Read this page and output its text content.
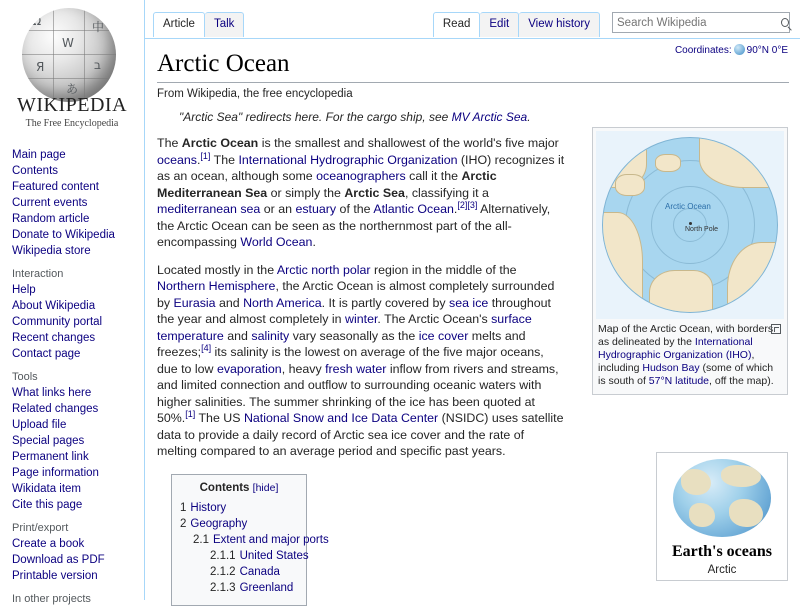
Ω
W
中
Я
あ
ב
WIKIPEDIA
The Free Encyclopedia
Main page
Contents
Featured content
Current events
Random article
Donate to Wikipedia
Wikipedia store
Interaction
Help
About Wikipedia
Community portal
Recent changes
Contact page
Tools
What links here
Related changes
Upload file
Special pages
Permanent link
Page information
Wikidata item
Cite this page
Print/export
Create a book
Download as PDF
Printable version
In other projects
Article	Talk	Read	Edit	View history
Search Wikipedia
Arctic Ocean
From Wikipedia, the free encyclopedia

"Arctic Sea" redirects here. For the cargo ship, see MV Arctic Sea.

The Arctic Ocean is the smallest and shallowest of the world's five major oceans.[1] The International Hydrographic Organization (IHO) recognizes it as an ocean, although some oceanographers call it the Arctic Mediterranean Sea or simply the Arctic Sea, classifying it a mediterranean sea or an estuary of the Atlantic Ocean.[2][3] Alternatively, the Arctic Ocean can be seen as the northernmost part of the all-encompassing World Ocean.

Located mostly in the Arctic north polar region in the middle of the Northern Hemisphere, the Arctic Ocean is almost completely surrounded by Eurasia and North America. It is partly covered by sea ice throughout the year and almost completely in winter. The Arctic Ocean's surface temperature and salinity vary seasonally as the ice cover melts and freezes;[4] its salinity is the lowest on average of the five major oceans, due to low evaporation, heavy fresh water inflow from rivers and streams, and limited connection and outflow to surrounding oceanic waters with higher salinities. The summer shrinking of the ice has been quoted at 50%.[1] The US National Snow and Ice Data Center (NSIDC) uses satellite data to provide a daily record of Arctic sea ice cover and the rate of melting compared to an average period and specific past years.

Contents [hide]
1 History
2 Geography
2.1 Extent and major ports
2.1.1 United States
2.1.2 Canada
2.1.3 Greenland
Coordinates: 90°N 0°E
Arctic Ocean
North Pole
Map of the Arctic Ocean, with borders as delineated by the International Hydrographic Organization (IHO), including Hudson Bay (some of which is south of 57°N latitude, off the map).
Earth's oceans
Arctic
